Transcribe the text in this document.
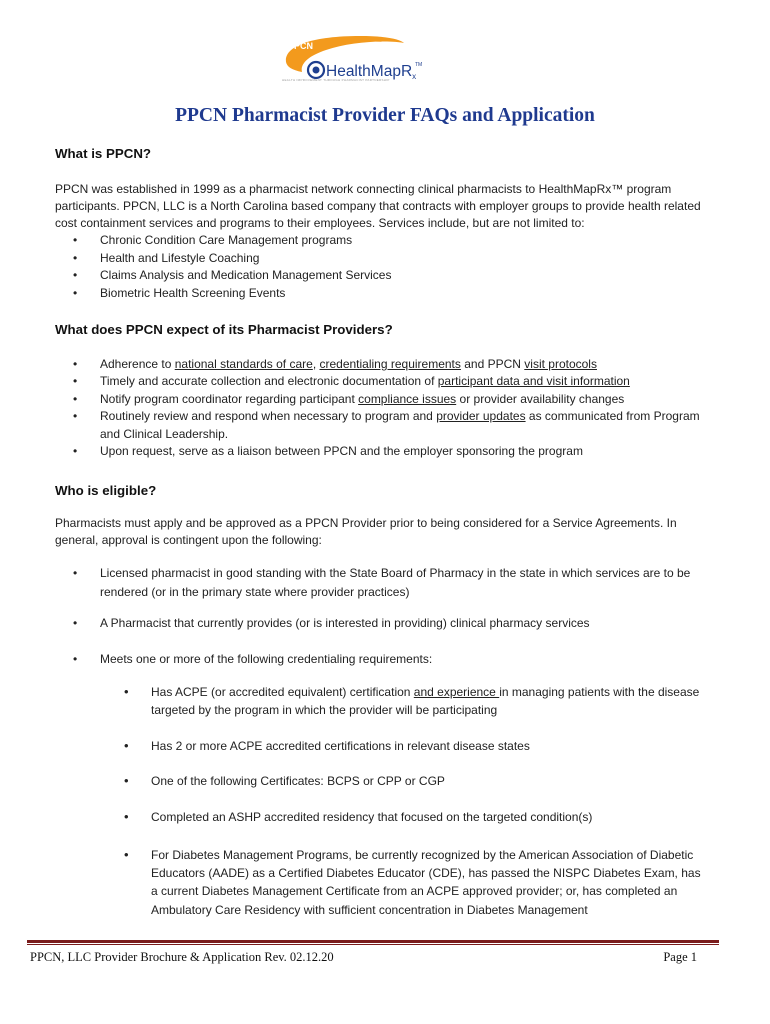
PPCN
HealthMapRx
TM
HEALTH IMPROVEMENT THROUGH PHARMACIST PARTNERSHIP
PPCN Pharmacist Provider FAQs and Application
What is PPCN?

PPCN was established in 1999 as a pharmacist network connecting clinical pharmacists to HealthMapRx™ program participants. PPCN, LLC is a North Carolina based company that contracts with employer groups to provide health related cost containment services and programs to their employees. Services include, but are not limited to:

• Chronic Condition Care Management programs
• Health and Lifestyle Coaching
• Claims Analysis and Medication Management Services
• Biometric Health Screening Events
What does PPCN expect of its Pharmacist Providers?
• Adherence to national standards of care, credentialing requirements and PPCN visit protocols
• Timely and accurate collection and electronic documentation of participant data and visit information
• Notify program coordinator regarding participant compliance issues or provider availability changes
• Routinely review and respond when necessary to program and provider updates as communicated from Program and Clinical Leadership.
• Upon request, serve as a liaison between PPCN and the employer sponsoring the program
Who is eligible?

Pharmacists must apply and be approved as a PPCN Provider prior to being considered for a Service Agreements. In general, approval is contingent upon the following:

• Licensed pharmacist in good standing with the State Board of Pharmacy in the state in which services are to be rendered (or in the primary state where provider practices)
• A Pharmacist that currently provides (or is interested in providing) clinical pharmacy services
• Meets one or more of the following credentialing requirements:
• Has ACPE (or accredited equivalent) certification and experience in managing patients with the disease targeted by the program in which the provider will be participating
• Has 2 or more ACPE accredited certifications in relevant disease states
• One of the following Certificates: BCPS or CPP or CGP
• Completed an ASHP accredited residency that focused on the targeted condition(s)
• For Diabetes Management Programs, be currently recognized by the American Association of Diabetic Educators (AADE) as a Certified Diabetes Educator (CDE), has passed the NISPC Diabetes Exam, has a current Diabetes Management Certificate from an ACPE approved provider; or, has completed an Ambulatory Care Residency with sufficient concentration in Diabetes Management
PPCN, LLC Provider Brochure & Application Rev. 02.12.20	Page 1
